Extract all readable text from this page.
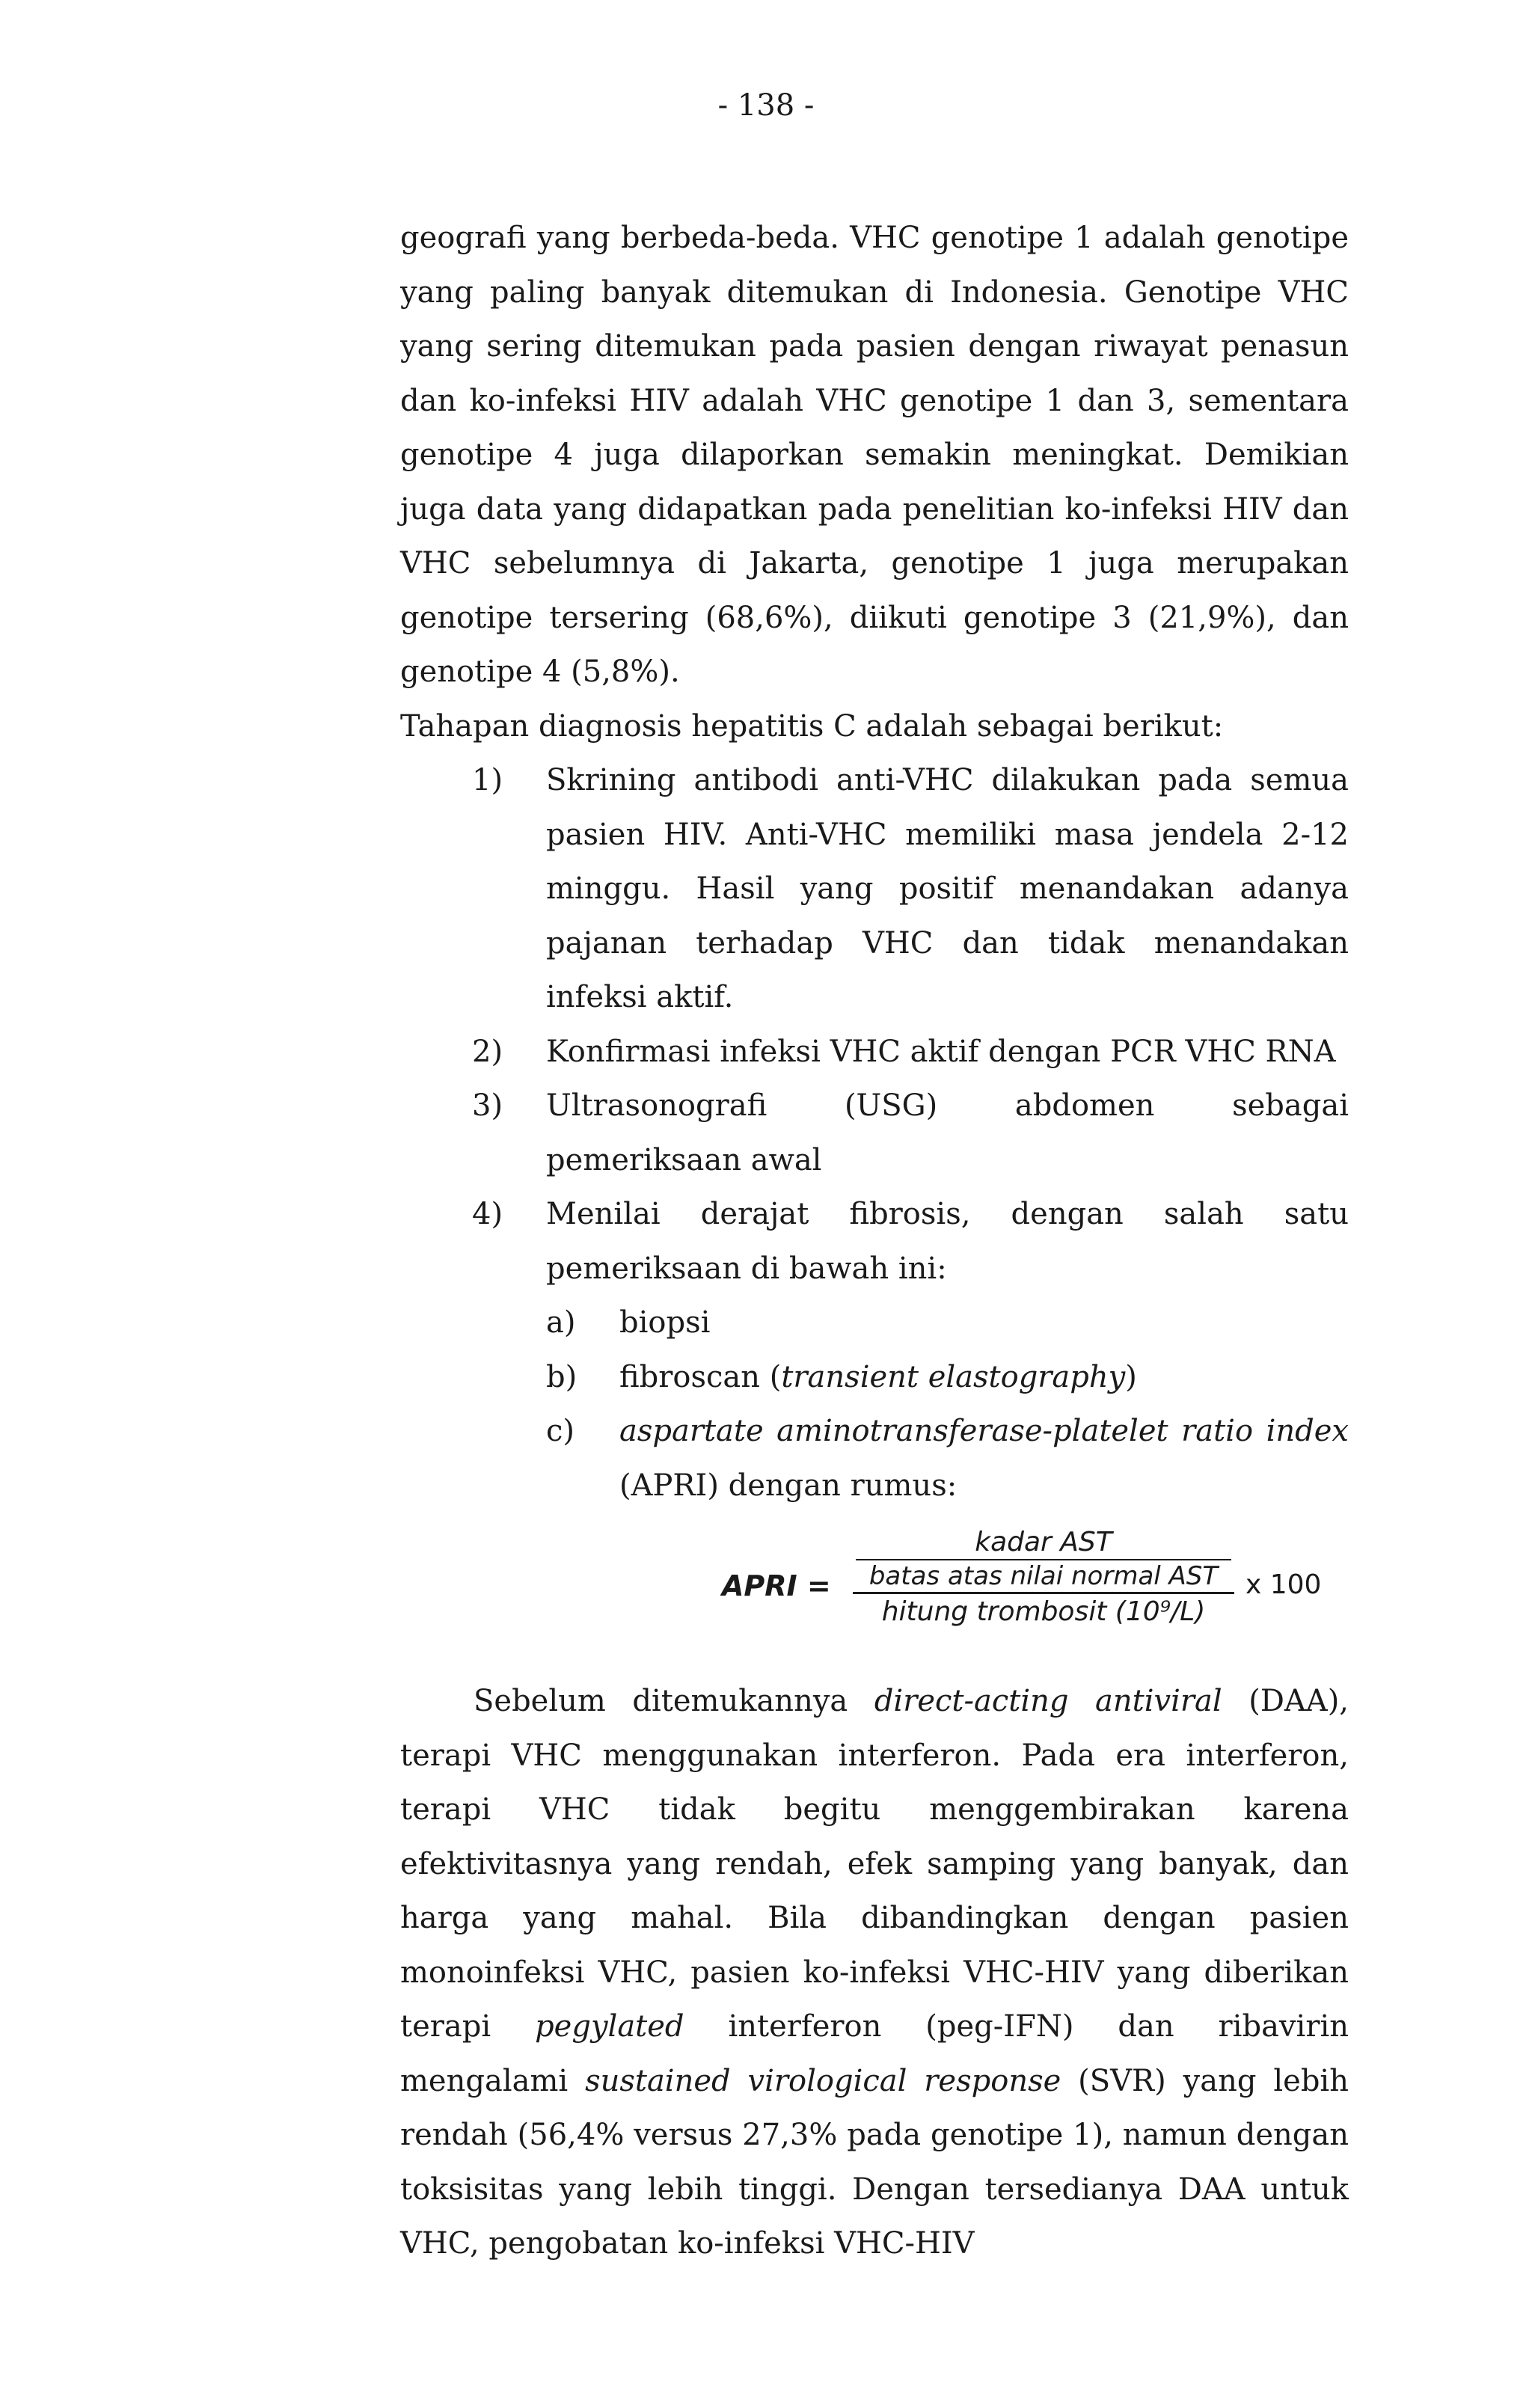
- 138 -

geografi yang berbeda-beda. VHC genotipe 1 adalah genotipe yang paling banyak ditemukan di Indonesia. Genotipe VHC yang sering ditemukan pada pasien dengan riwayat penasun dan ko-infeksi HIV adalah VHC genotipe 1 dan 3, sementara genotipe 4 juga dilaporkan semakin meningkat. Demikian juga data yang didapatkan pada penelitian ko-infeksi HIV dan VHC sebelumnya di Jakarta, genotipe 1 juga merupakan genotipe tersering (68,6%), diikuti genotipe 3 (21,9%), dan genotipe 4 (5,8%).

Tahapan diagnosis hepatitis C adalah sebagai berikut:

1) Skrining antibodi anti-VHC dilakukan pada semua pasien HIV. Anti-VHC memiliki masa jendela 2-12 minggu. Hasil yang positif menandakan adanya pajanan terhadap VHC dan tidak menandakan infeksi aktif.
2) Konfirmasi infeksi VHC aktif dengan PCR VHC RNA
3) Ultrasonografi (USG) abdomen sebagai pemeriksaan awal
4) Menilai derajat fibrosis, dengan salah satu pemeriksaan di bawah ini:
a) biopsi
b) fibroscan (transient elastography)
c) aspartate aminotransferase-platelet ratio index (APRI) dengan rumus:
APRI =
kadar AST
batas atas nilai normal AST
hitung trombosit (10⁹/L)
x 100

Sebelum ditemukannya direct-acting antiviral (DAA), terapi VHC menggunakan interferon. Pada era interferon, terapi VHC tidak begitu menggembirakan karena efektivitasnya yang rendah, efek samping yang banyak, dan harga yang mahal. Bila dibandingkan dengan pasien monoinfeksi VHC, pasien ko-infeksi VHC-HIV yang diberikan terapi pegylated interferon (peg-IFN) dan ribavirin mengalami sustained virological response (SVR) yang lebih rendah (56,4% versus 27,3% pada genotipe 1), namun dengan toksisitas yang lebih tinggi. Dengan tersedianya DAA untuk VHC, pengobatan ko-infeksi VHC-HIV
